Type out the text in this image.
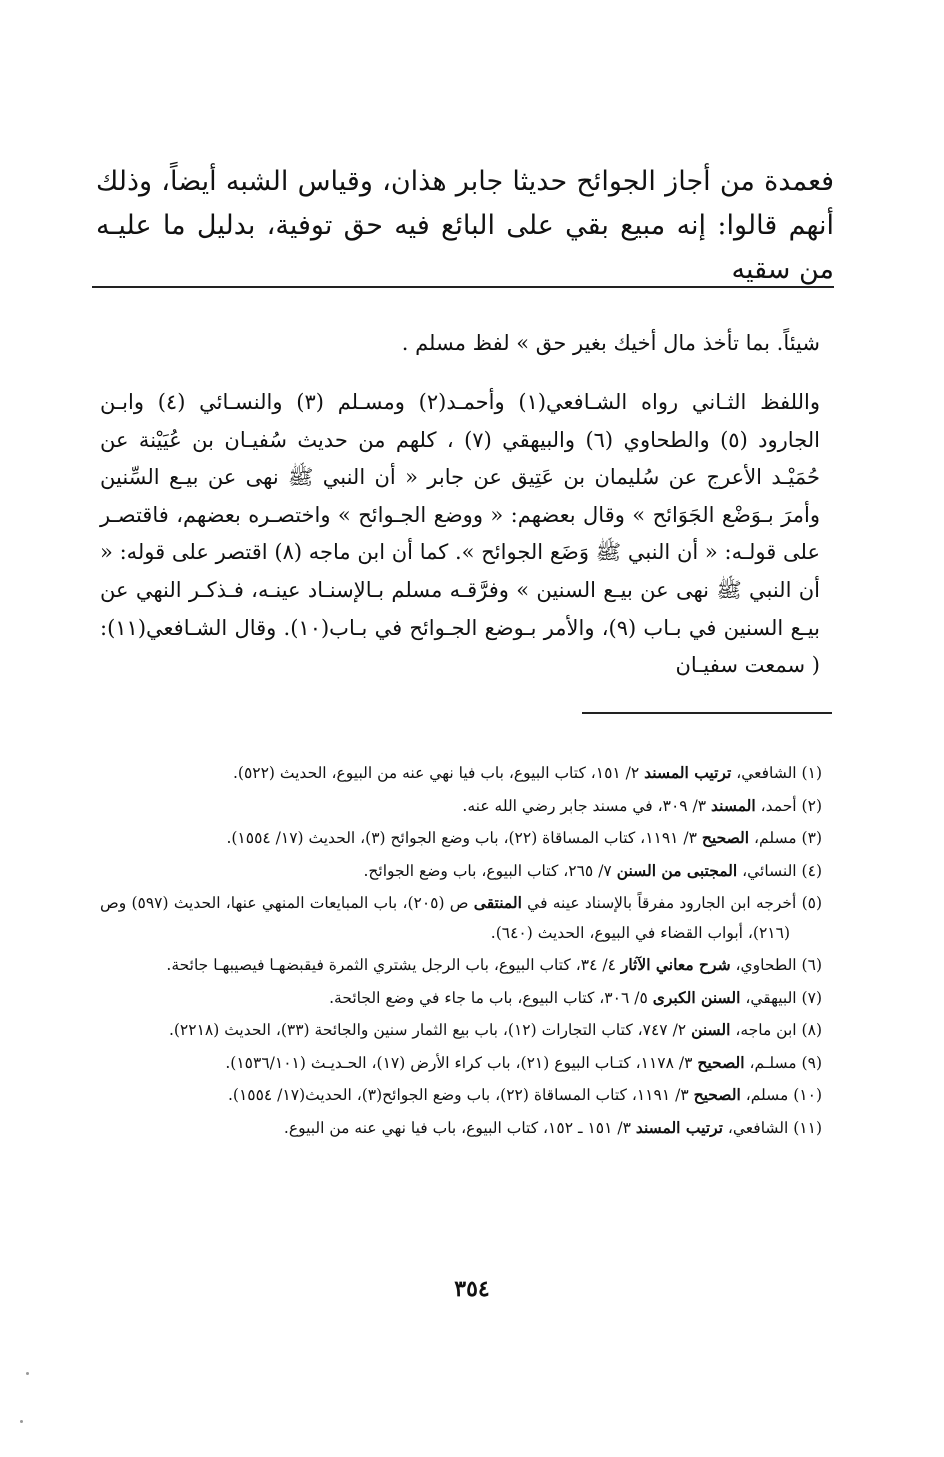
فعمدة من أجاز الجوائح حديثا جابر هذان، وقياس الشبه أيضاً، وذلك أنهم قالوا: إنه مبيع بقي على البائع فيه حق توفية، بدليل ما عليـه من سقيه
شيئاً. بما تأخذ مال أخيك بغير حق » لفظ مسلم .
واللفظ الثـاني رواه الشـافعي(١) وأحمـد(٢) ومسـلم (٣) والنسـائي (٤) وابـن الجارود (٥) والطحاوي (٦) والبيهقي (٧) ، كلهم من حديث سُفيـان بن عُيَيْنة عن حُمَيْـد الأعرج عن سُليمان بن عَتِيق عن جابر « أن النبي ﷺ نهى عن بيـع السِّنين وأمرَ بـوَضْع الجَوَائح » وقال بعضهم: « ووضع الجـوائح » واختصـره بعضهم، فاقتصـر على قولـه: « أن النبي ﷺ وَضَع الجوائح ». كما أن ابن ماجه (٨) اقتصر على قوله: « أن النبي ﷺ نهى عن بيـع السنين » وفرَّقـه مسلم بـالإسنـاد عينـه، فـذكـر النهي عن بيـع السنين في بـاب (٩)، والأمر بـوضع الجـوائح في بـاب(١٠). وقال الشـافعي(١١): ( سمعت سفيـان

(١) الشافعي، ترتيب المسند ٢/ ١٥١، كتاب البيوع، باب فيا نهي عنه من البيوع، الحديث (٥٢٢).

(٢) أحمد، المسند ٣/ ٣٠٩، في مسند جابر رضي الله عنه.

(٣) مسلم، الصحيح ٣/ ١١٩١، كتاب المساقاة (٢٢)، باب وضع الجوائح (٣)، الحديث (١٧/ ١٥٥٤).

(٤) النسائي، المجتبى من السنن ٧/ ٢٦٥، كتاب البيوع، باب وضع الجوائح.

(٥) أخرجه ابن الجارود مفرقاً بالإسناد عينه في المنتقى ص (٢٠٥)، باب المبايعات المنهي عنها، الحديث (٥٩٧) وص (٢١٦)، أبواب القضاء في البيوع، الحديث (٦٤٠).

(٦) الطحاوي، شرح معاني الآثار ٤/ ٣٤، كتاب البيوع، باب الرجل يشتري الثمرة فيقبضهـا فيصيبهـا جائحة.

(٧) البيهقي، السنن الكبرى ٥/ ٣٠٦، كتاب البيوع، باب ما جاء في وضع الجائحة.

(٨) ابن ماجه، السنن ٢/ ٧٤٧، كتاب التجارات (١٢)، باب بيع الثمار سنين والجائحة (٣٣)، الحديث (٢٢١٨).

(٩) مسلـم، الصحيح ٣/ ١١٧٨، كتـاب البيوع (٢١)، باب كراء الأرض (١٧)، الحـديـث (١٥٣٦/١٠١).

(١٠) مسلم، الصحيح ٣/ ١١٩١، كتاب المساقاة (٢٢)، باب وضع الجوائح(٣)، الحديث(١٧/ ١٥٥٤).

(١١) الشافعي، ترتيب المسند ٣/ ١٥١ ـ ١٥٢، كتاب البيوع، باب فيا نهي عنه من البيوع.

٣٥٤
